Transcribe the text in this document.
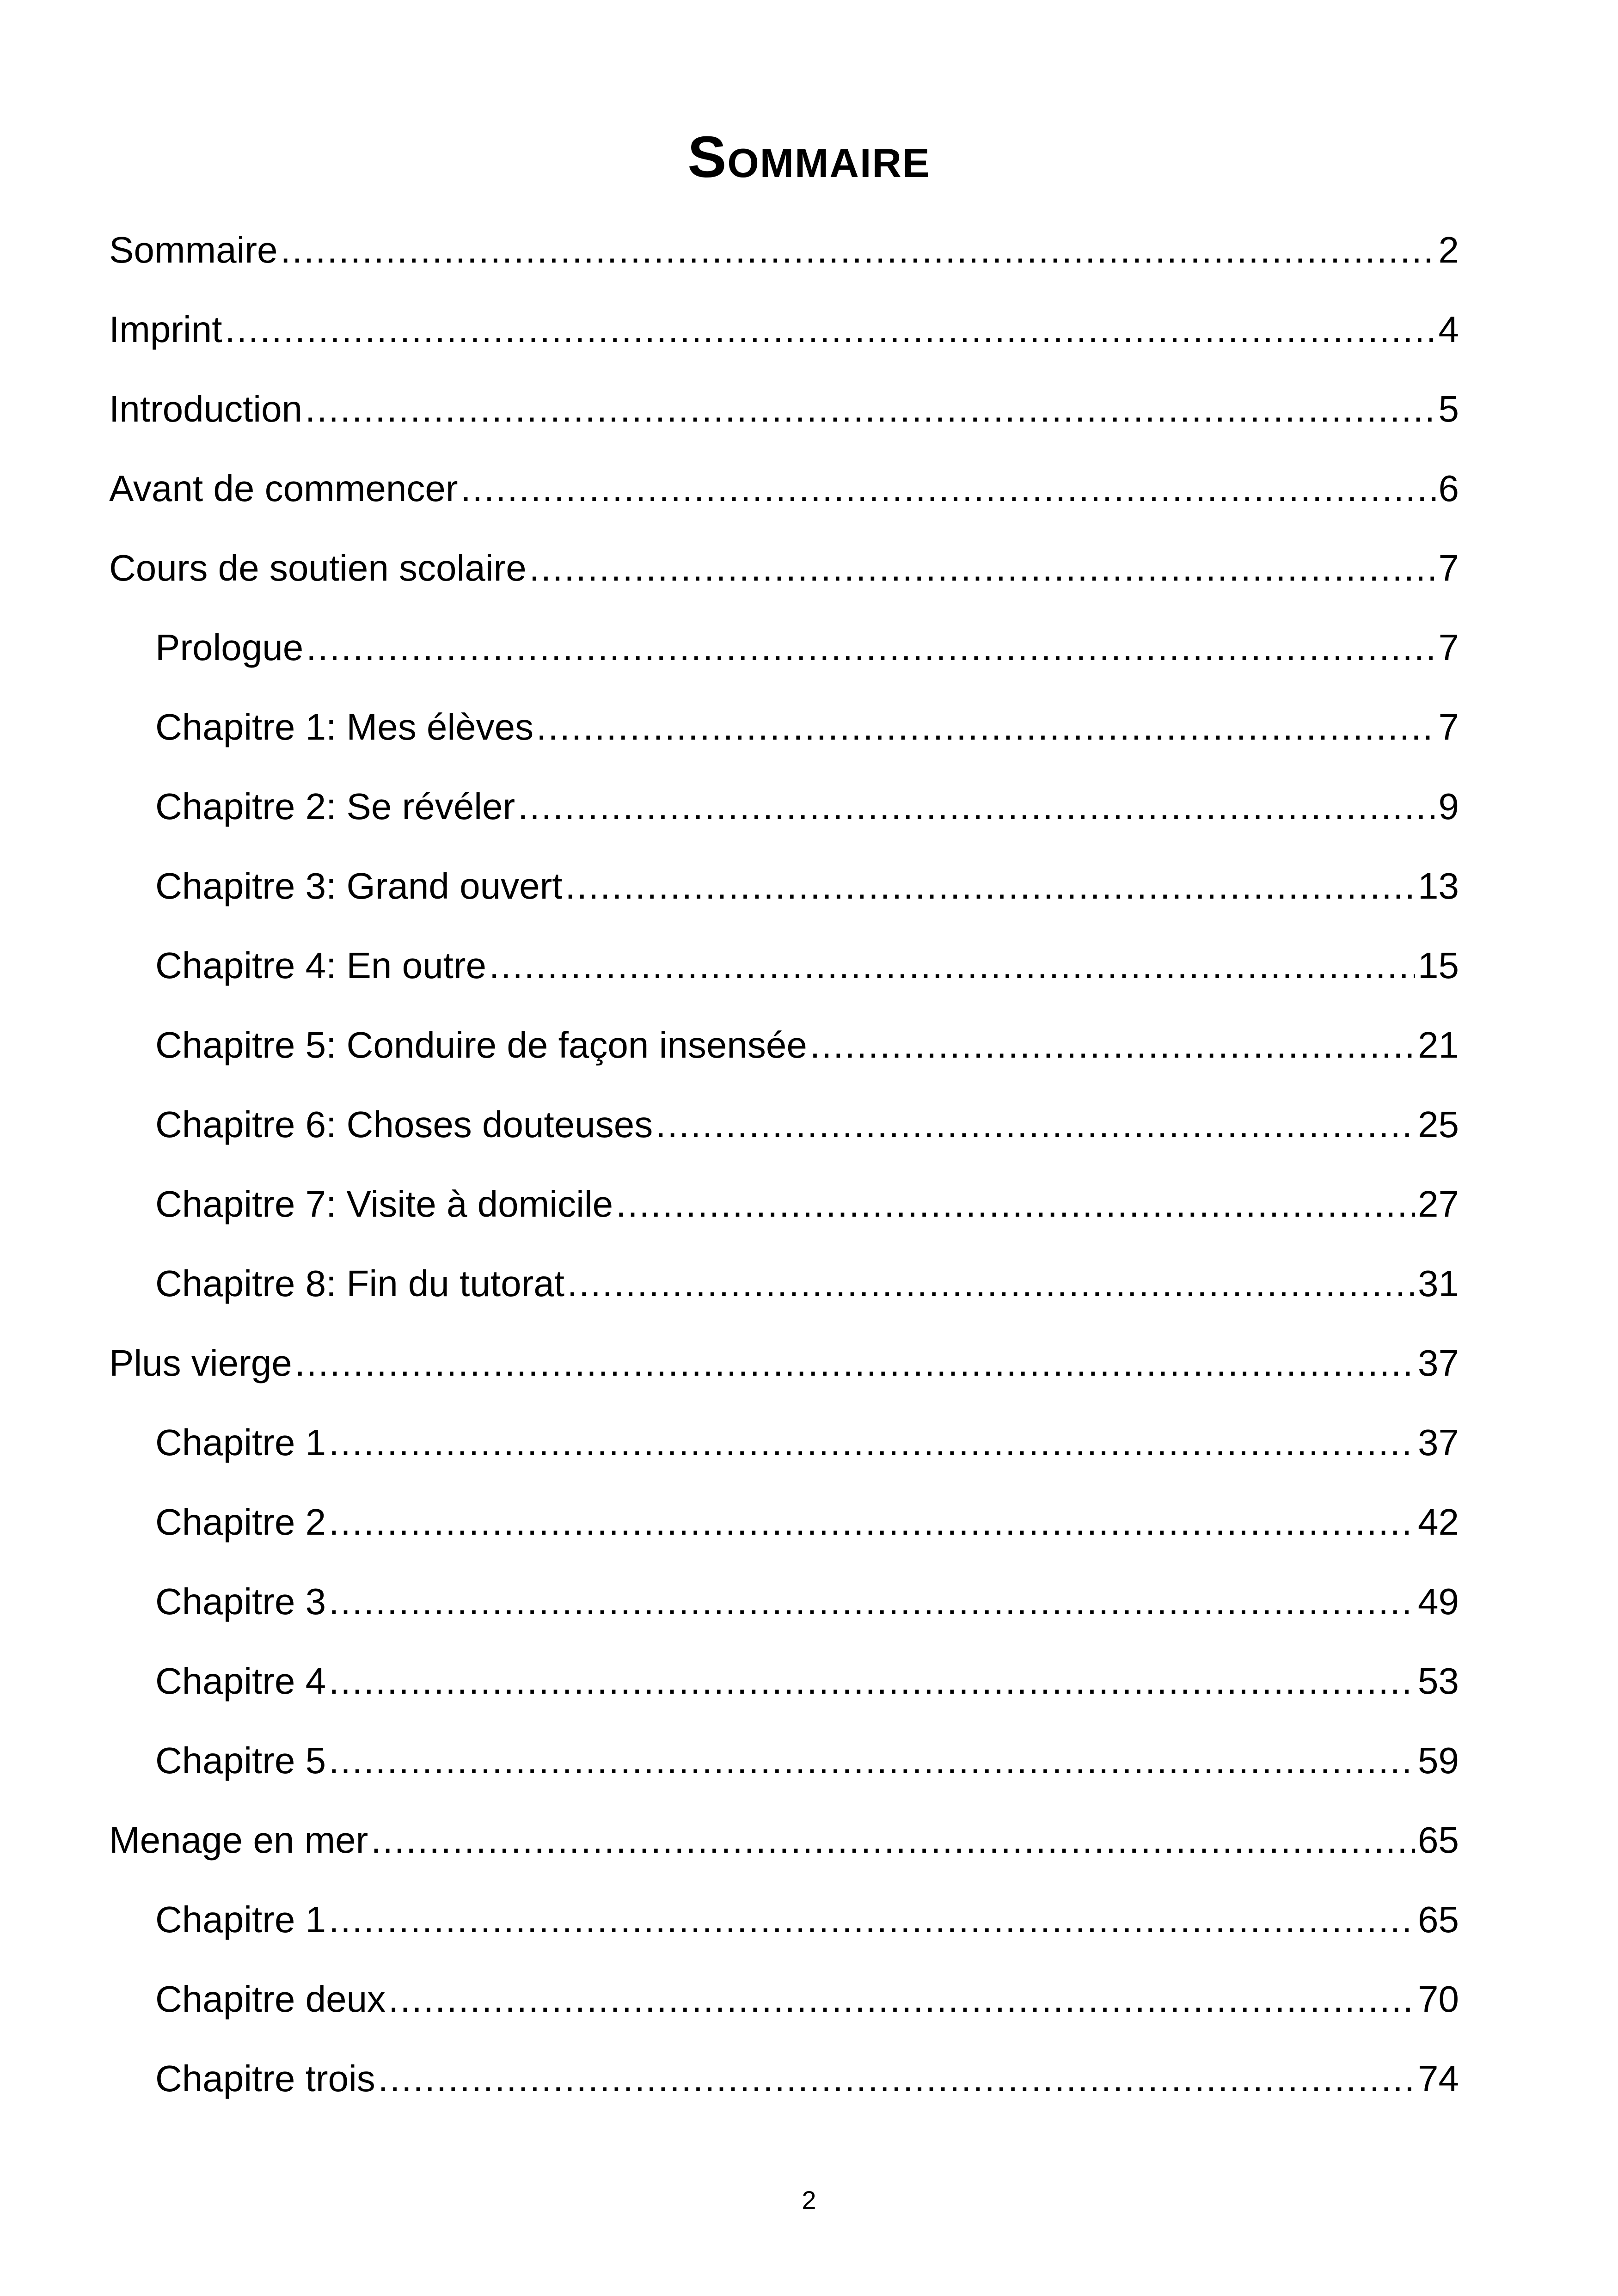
Sommaire
Sommaire .....	2
Imprint .....	4
Introduction .....	5
Avant de commencer .....	6
Cours de soutien scolaire .....	7
Prologue .....	7
Chapitre 1: Mes élèves .....	7
Chapitre 2: Se révéler .....	9
Chapitre 3: Grand ouvert .....	13
Chapitre 4: En outre .....	15
Chapitre 5: Conduire de façon insensée .....	21
Chapitre 6: Choses douteuses .....	25
Chapitre 7: Visite à domicile .....	27
Chapitre 8: Fin du tutorat .....	31
Plus vierge .....	37
Chapitre 1 .....	37
Chapitre 2 .....	42
Chapitre 3 .....	49
Chapitre 4 .....	53
Chapitre 5 .....	59
Menage en mer .....	65
Chapitre 1 .....	65
Chapitre deux .....	70
Chapitre trois .....	74
2
